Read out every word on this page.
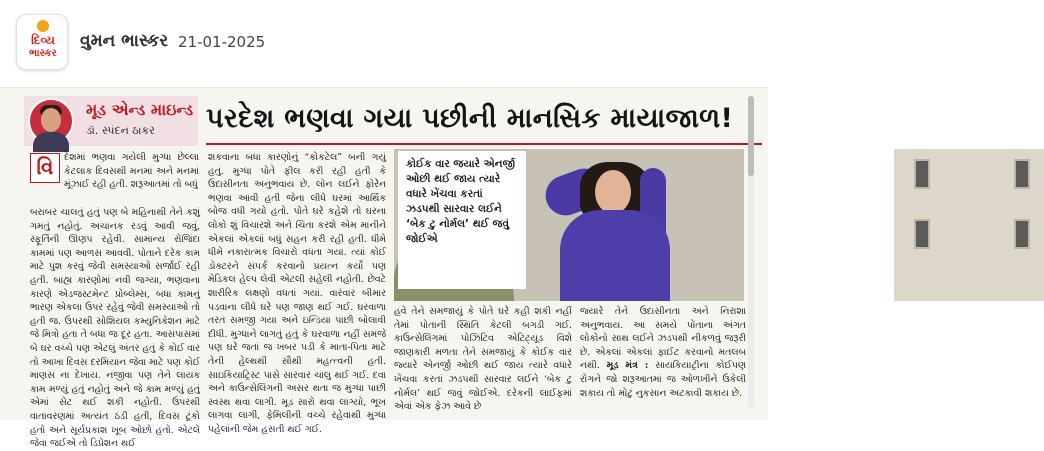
દિવ્ય
ભાસ્કર
વુમન ભાસ્કર 21-01-2025
મૂડ એન્ડ માઇન્ડ
ડૉ. સ્પંદન ઠાકર પરદેશ ભણવા ગયા પછીની માનસિક માયાજાળ!
વિ	દેશમાં ભણવા ગયેલી મુગ્ધા છેલ્લા કેટલાક દિવસથી મનમાં અને મનમાં મૂંઝાઈ રહી હતી. શરૂઆતમાં તો બધું
બરાબર ચાલતું હતું પણ બે મહિનાથી તેને કશું ગમતું નહોતું. અચાનક રડવું આવી જવું, સ્ફૂર્તિની ઊણપ રહેવી. સામાન્ય રોજિંદા કામમાં પણ આળસ આવવી. પોતાને દરેક કામ માટે પુશ કરવું જેવી સમસ્યાઓ સર્જાઈ રહી હતી. બાહ્ય કારણોમાં નવી જગ્યા, ભણવાના કારણે એડજસ્ટમેન્ટ પ્રોબ્લેમ્સ, બધા કામનું ભારણ એકલા ઉપર રહેવું જેવી સમસ્યાઓ તો હતી જ. ઉપરથી સોશિયલ કમ્યુનિકેશન માટે જે મિત્રો હતા તે બધા જ દૂર હતા. આસપાસમાં બે ઘર વચ્ચે પણ એટલું અંતર હતું કે કોઈ વાર તો આખા દિવસ દરમિયાન જેવા માટે પણ કોઈ માણસ ના દેખાય. નજીવા પણ તેને લાયક કામ મળ્યું હતું નહોતું અને જે કામ મળ્યું હતું એમાં સેટ થઈ શકી નહોતી. ઉપરથી વાતાવરણમાં અત્યંત ઠંડી હતી, દિવસ ટૂંકો હતો અને સૂર્યપ્રકાશ ખૂબ ઓછો હતો. એટલે જેવા જઈએ તો ડિપ્રેશન થઈ
શકવાના બધા કારણોનું “કોકટેલ” બની ગયું હતું. મુગ્ધા પોતે ફીલ કરી રહી હતી કે ઉદાસીનતા અનુભવાય છે. લોન લઈને ફોરેન ભણવા આવી હતી જેના લીધે ઘરમાં આર્થિક બોજ વધી ગયો હતો. પોતે ઘરે કહેશે તો ઘરના લોકો શું વિચારશે અને ચિંતા કરશે એમ માનીને એકલાં એકલાં બધું સહન કરી રહી હતી. ધીમે ધીમે નકારાત્મક વિચારો વધતા ગયા. ત્યાં કોઈ ડોક્ટરને સંપર્ક કરવાનો પ્રયત્ન કર્યો પણ મેડિકલ હેલ્પ લેવી એટલી સહેલી નહોતી. છેવટે શારીરિક લક્ષણો વધતાં ગયાં. વારંવાર બીમાર પડવાના લીધે ઘરે પણ જાણ થઈ ગઈ. ઘરવાળા તરત સમજી ગયા અને ઇન્ડિયા પાછી બોલાવી દીધી. મુગ્ધાને લાગતું હતું કે ઘરવાળા નહીં સમજે પણ ઘરે જતાં જ ખબર પડી કે માતા-પિતા માટે તેની હેલ્થથી સૌથી મહત્ત્વની હતી. સાઇકિયાટ્રિસ્ટ પાસે સારવાર ચાલુ થઈ ગઈ. દવા અને કાઉન્સેલિંગની અસર થતા જ મુગ્ધા પાછી સ્વસ્થ થવા લાગી. મૂડ સારો થવા લાગ્યો, ભૂખ લાગવા લાગી, ફેમિલીની વચ્ચે રહેવાથી મુગ્ધા પહેલાંની જેમ હસતી થઈ ગઈ.
કોઈક વાર જયારે એનર્જી ઓછી થઈ જાય ત્યારે વધારે ખેંચવા કરતાં ઝડપથી સારવાર લઈને ‘બેક ટુ નોર્મલ’ થઈ જવું જોઈએ
હવે તેને સમજાયું કે પોતે ઘરે કહી શકી નહીં તેમાં પોતાની સ્થિતિ કેટલી બગડી ગઈ. કાઉન્સેલિંગમાં પોઝિટિવ એટિટ્યૂડ વિશે જાણકારી મળતા તેને સમજાયું કે કોઈક વાર જ્યારે એનર્જી ઓછી થઈ જાય ત્યારે વધારે ખેંચવા કરતાં ઝડપથી સારવાર લઈને ‘બેક ટુ નોર્મલ’ થઈ જવું જોઈએ. દરેકની લાઈફમાં એવાં એક ફેઝ આવે છે
જ્યારે તેને ઉદાસીનતા અને નિરાશા અનુભવાય. આ સમયે પોતાના અંગત લોકોનો સાથ લઈને ઝડપથી નીકળવું જરૂરી છે. એકલાં એકલાં ફાઈટ કરવાનો મતલબ નથી. મૂડ મંત્ર : સાયકિયાટ્રીના કોઈપણ રોગને જો શરૂઆતમાં જ ઓળખીને ઉકેલી શકાય તો મોટું નુકસાન અટકાવી શકાય છે.
